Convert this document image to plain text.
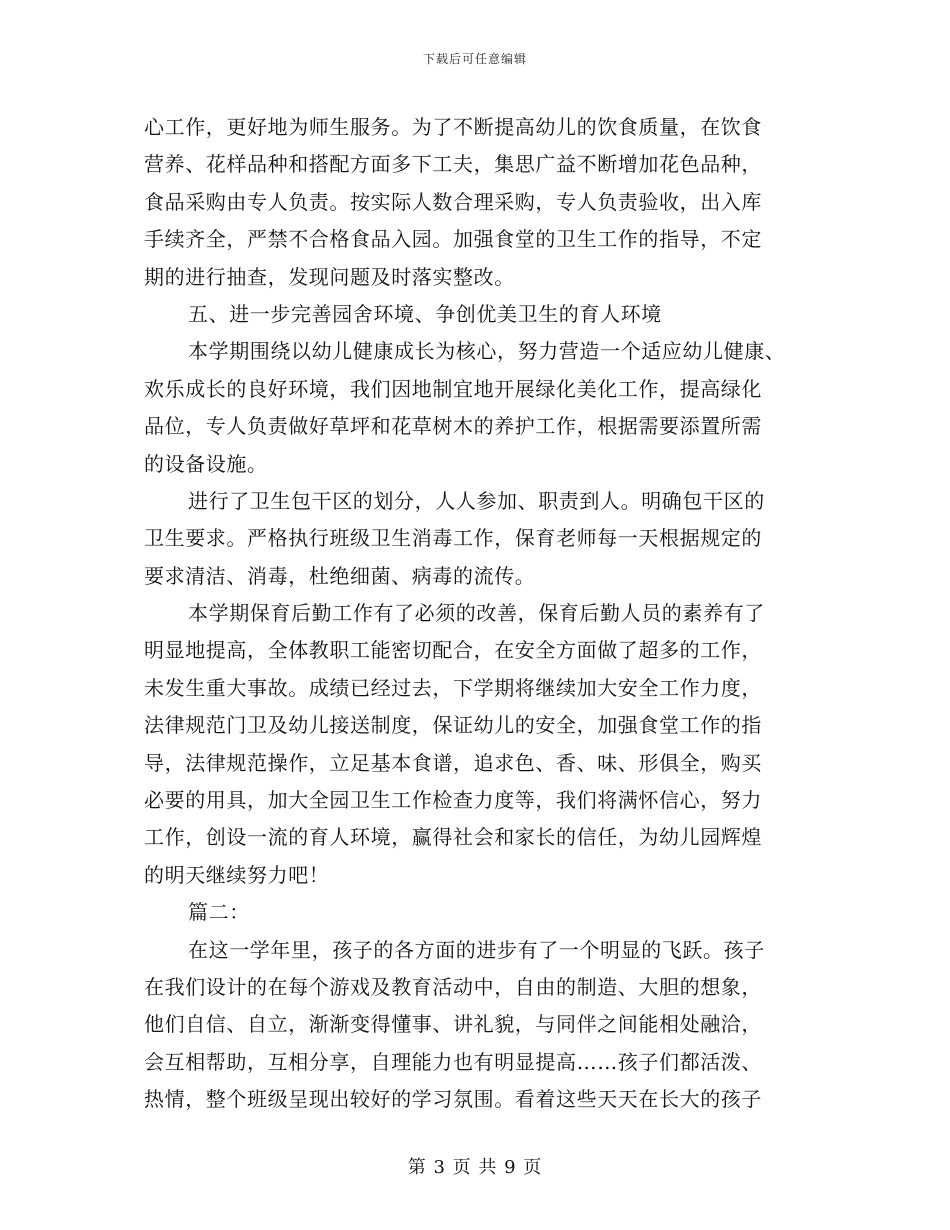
下载后可任意编辑
心工作，更好地为师生服务。为了不断提高幼儿的饮食质量，在饮食
营养、花样品种和搭配方面多下工夫，集思广益不断增加花色品种，
食品采购由专人负责。按实际人数合理采购，专人负责验收，出入库
手续齐全，严禁不合格食品入园。加强食堂的卫生工作的指导，不定
期的进行抽查，发现问题及时落实整改。
五、进一步完善园舍环境、争创优美卫生的育人环境
本学期围绕以幼儿健康成长为核心，努力营造一个适应幼儿健康、
欢乐成长的良好环境，我们因地制宜地开展绿化美化工作，提高绿化
品位，专人负责做好草坪和花草树木的养护工作，根据需要添置所需
的设备设施。
进行了卫生包干区的划分，人人参加、职责到人。明确包干区的
卫生要求。严格执行班级卫生消毒工作，保育老师每一天根据规定的
要求清洁、消毒，杜绝细菌、病毒的流传。
本学期保育后勤工作有了必须的改善，保育后勤人员的素养有了
明显地提高，全体教职工能密切配合，在安全方面做了超多的工作，
未发生重大事故。成绩已经过去，下学期将继续加大安全工作力度，
法律规范门卫及幼儿接送制度，保证幼儿的安全，加强食堂工作的指
导，法律规范操作，立足基本食谱，追求色、香、味、形俱全，购买
必要的用具，加大全园卫生工作检查力度等，我们将满怀信心，努力
工作，创设一流的育人环境，赢得社会和家长的信任，为幼儿园辉煌
的明天继续努力吧！
篇二：
在这一学年里，孩子的各方面的进步有了一个明显的飞跃。孩子
在我们设计的在每个游戏及教育活动中，自由的制造、大胆的想象，
他们自信、自立，渐渐变得懂事、讲礼貌，与同伴之间能相处融洽，
会互相帮助，互相分享，自理能力也有明显提高……孩子们都活泼、
热情，整个班级呈现出较好的学习氛围。看着这些天天在长大的孩子
第 3 页 共 9 页
